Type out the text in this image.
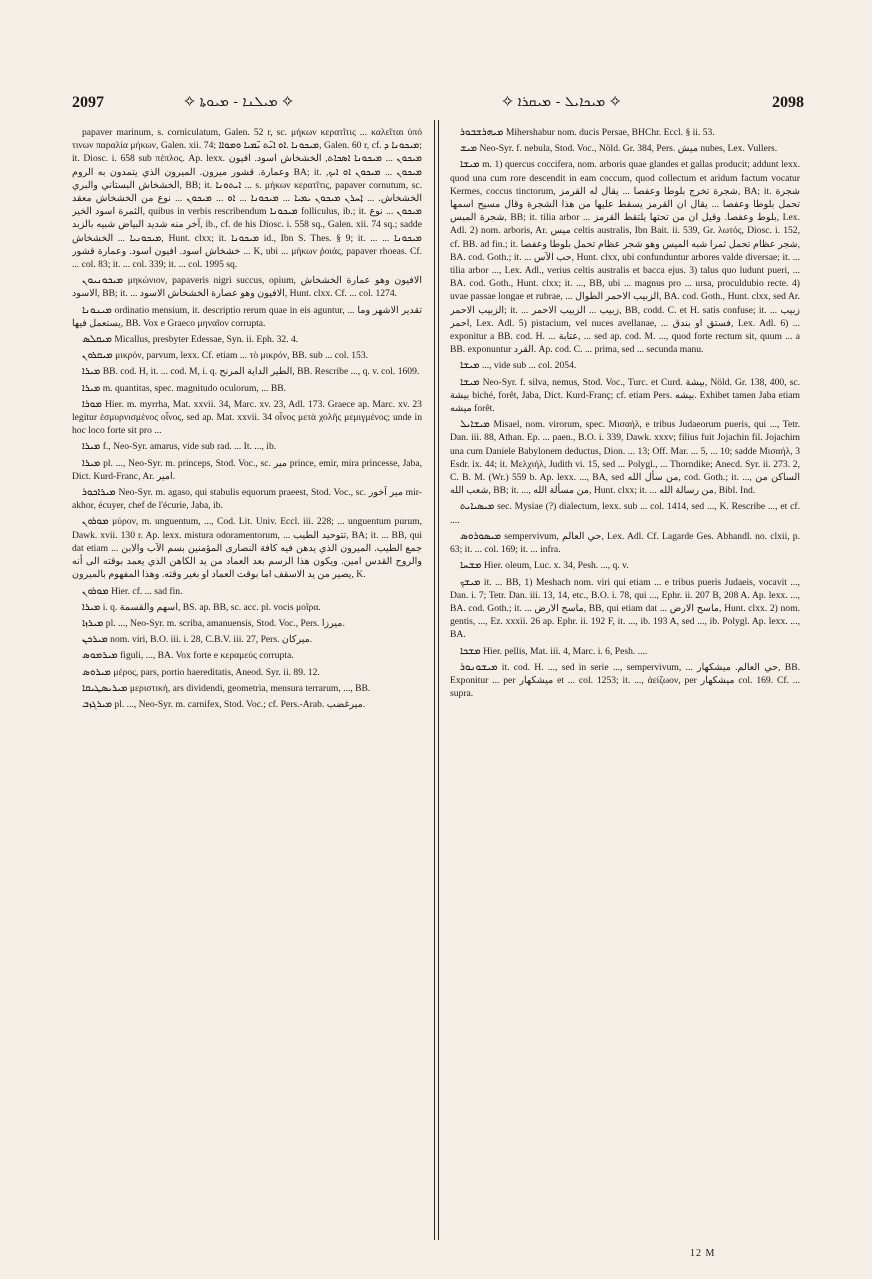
2097	✧ ܡܝܠܢܐ - ܡܝܘܬܐ ✧	✧ ܡܝܟܐܝܠ - ܡܝܩܪܐ ✧	2098

papaver marinum, s. corniculatum, Galen. 52 r, sc. μήκων κερατῖτις ... καλεῖται ὑπό τινων παραλία μήκων, Galen. xii. 74; ܡܝܟܘܢܐ .ܐܘ ܐܝ̈ܬ ܝ̈ܡܝܐ ܘܡܘܐܐ, Galen. 60 r, cf. ܡܝܟܘܢܐ ܕ; it. Diosc. i. 658 sub πέπλος. Ap. lexx. ܡܝܟܘܢ ... ܡܝܟܘܢܐ ܐܣܟܐܬ, الخشخاش اسود. افيون وعمارة. قشور ميرون. الميرون الذي يتمدون به الروم BA; it. ܡܝܟܘܢ ... ܡܝܟܘܢ ܐܘ ܐܝܟ, الخشخاش البستاني والبري, BB; it. ܐܝܬܘܢܐ ... s. μήκων κερατῖτις, papaver cornutum, sc. الخشخاش. ... ܐ̣ܚܪܢ ܡܝܟܘܢ ܝܡܝܐ ... ܡܝܟܘܢܐ ... ܐܘ ... ܡܝܟܘܢ ... نوع من الخشخاش معقد الثمرة اسود الخير, quibus in verbis rescribendum ܡܝܟܘܢܐ folliculus, ib.; it. ܡܝܟܘܢ ... نوع آخر منه شديد البياض شبيه بالزبد, ib., cf. de his Diosc. i. 558 sq., Galen. xii. 74 sq.; sadde ܡܝܟܘܢܝܐ ... الخشخاش, Hunt. clxx; it. ܡܝܟܘܢܐ id., Ibn S. Thes. § 9; it. ... ܡܝܟܘܢܐ ... خشخاش اسود. افيون اسود. وعمارة قشور ... K, ubi ... μήκων ῥοιάς, papaver rhoeas. Cf. ... col. 83; it. ... col. 339; it. ... col. 1995 sq.

ܡܝܟܘܢܝܘܢ μηκώνιον, papaveris nigri succus, opium, الافيون وهو عمارة الخشخاش الاسود, BB; it. ... الافيون وهو عصارة الخشخاش الاسود, Hunt. clxx. Cf. ... col. 1274.

ܡܝܢܘܢܐ ordinatio mensium, it. descriptio rerum quae in eis aguntur, ... تقدير الاشهر وما يستعمل فيها, BB. Vox e Graeco μηναῖον corrupta.

ܡܝܩܠܣ Micallus, presbyter Edessae, Syn. ii. Eph. 32. 4.

ܡܝܩܪܘܢ μικρόν, parvum, lexx. Cf. etiam ... τὸ μικρόν, BB. sub ... col. 153.

ܡܝܪܐ BB. cod. H, it. ... cod. M, i. q. الطير الداية المرنح, BB. Rescribe ..., q. v. col. 1609.

ܡܝܪܐ m. quantitas, spec. magnitudo oculorum, ... BB.

ܡܘܪܐ Hier. m. myrrha, Mat. xxvii. 34, Marc. xv. 23, Adl. 173. Graece ap. Marc. xv. 23 legitur ἐσμυρνισμένος οἶνος, sed ap. Mat. xxvii. 34 οἶνος μετὰ χολῆς μεμιγμένος; unde in hoc loco forte sit pro ...

ܡܝܪܐ f., Neo-Syr. amarus, vide sub rad. ... It. ..., ib.

ܡܝܪܐ pl. ..., Neo-Syr. m. princeps, Stod. Voc., sc. مير prince, emir, mira princesse, Jaba, Dict. Kurd-Franc, Ar. امير.

ܡܝܪܐܟܘܪ Neo-Syr. m. agaso, qui stabulis equorum praeest, Stod. Voc., sc. مير آخور mir-akhor, écuyer, chef de l'écurie, Jaba, ib.

ܡܘܪܘܢ μύρον, m. unguentum, ..., Cod. Lit. Univ. Eccl. iii. 228; ... unguentum purum, Dawk. xvii. 130 r. Ap. lexx. mistura odoramentorum, ... تتوحيد الطيب, BA; it. ... BB, qui dat etiam ... جمع الطيب. الميرون الذي يدهن فيه كافة النصارى المؤمنين بسم الآب والابن والروح القدس امين. ويكون هذا الرسم بعد العماد من يد الكاهن الذي يعمد بوقته الى أنه يصير من يد الاسقف اما بوقت العماد او بغير وقته. وهذا المفهوم بالميرون, K.

ܡܘܪܘܢ Hier. cf. ... sad fin.

ܡܝܪܐ i. q. اسهم والقسمة, BS. ap. BB, sc. acc. pl. vocis μοῖρα.

ܡܝܪܙܐ pl. ..., Neo-Syr. m. scriba, amanuensis, Stod. Voc., Pers. ميرزا.

ܡܝܪܟܢ nom. viri, B.O. iii. i. 28, C.B.V. iii. 27, Pers. ميركان.

ܡܝܪܡܘܣ figuli, ..., BA. Vox forte e κεραμεύς corrupta.

ܡܝܪܘܣ μέρος, pars, portio haereditatis, Aneod. Syr. ii. 89. 12.

ܡܝܪܝܣܛܝܩܐ μεριστική, ars dividendi, geometria, mensura terrarum, ..., BB.

ܡܝܪܓܙܒ pl. ..., Neo-Syr. m. carnifex, Stod. Voc.; cf. Pers.-Arab. ميرغضب.

ܡܝܗܪܫܒܘܪ Mihershabur nom. ducis Persae, BHChr. Eccl. § ii. 53.

ܡܝܫ Neo-Syr. f. nebula, Stod. Voc., Nöld. Gr. 384, Pers. ميش nubes, Lex. Vullers.

ܡܝܫܐ m. 1) quercus coccifera, nom. arboris quae glandes et gallas producit; addunt lexx. quod una cum rore descendit in eam coccum, quod collectum et aridum factum vocatur Kermes, coccus tinctorum, شجرة تخرج بلوطا وعفصا ... يقال له القرمز, BA; it. شجرة تحمل بلوطا وعفصا ... يقال ان القرمز يسقط عليها من هذا الشجرة وقال مسيح اسمها شجرة الميس, BB; it. tilia arbor ... بلوط وعفصا. وقيل ان من تحتها يلتقط القرمز, Lex. Adl. 2) nom. arboris, Ar. ميس celtis australis, Ibn Bait. ii. 539, Gr. λωτός, Diosc. i. 152, cf. BB. ad fin.; it. شجر عظام تحمل ثمرا شبه الميس وهو شجر عظام تحمل بلوطا وعفصا, BA. cod. Goth.; it. ... حب الآس, Hunt. clxx, ubi confunduntur arbores valde diversae; it. ... tilia arbor ..., Lex. Adl., verius celtis australis et bacca ejus. 3) talus quo ludunt pueri, ... BA. cod. Goth., Hunt. clxx; it. ..., BB, ubi ... magnus pro ... ursa, proculdubio recte. 4) uvae passae longae et rubrae, ... الزبيب الاحمر الطوال, BA. cod. Goth., Hunt. clxx, sed Ar. الزبيب الاحمر; it. ... زبيب ... الزبيب الاحمر, BB, codd. C. et H. satis confuse; it. ... زبيب احمر, Lex. Adl. 5) pistacium, vel nuces avellanae, ... فستق او بندق, Lex. Adl. 6) ... exponitur a BB. cod. H. ... عتابة, ... sed ap. cod. M. ..., quod forte rectum sit, quum ... a BB. exponuntur القرد. Ap. cod. C. ... prima, sed ... secunda manu.

ܡܝܫܐ ..., vide sub ... col. 2054.

ܡܝܫܐ Neo-Syr. f. silva, nemus, Stod. Voc., Turc. et Curd. بيشة, Nöld. Gr. 138, 400, sc. بيشة biché, forêt, Jaba, Dict. Kurd-Franç; cf. etiam Pers. بيشه. Exhibet tamen Jaba etiam ميشه forêt.

ܡܝܫܐܝܠ Misael, nom. virorum, spec. Μισαήλ, e tribus Judaeorum pueris, qui ..., Tetr. Dan. iii. 88, Athan. Ep. ... paen., B.O. i. 339, Dawk. xxxv; filius fuit Jojachin fil. Jojachim una cum Daniele Babylonem deductus, Dion. ... 13; Off. Mar. ... 5, ... 10; sadde Μισαήλ, 3 Esdr. ix. 44; it. Μελχιήλ, Judith vi. 15, sed ... Polygl., ... Thorndike; Anecd. Syr. ii. 273. 2, C. B. M. (Wr.) 559 b. Ap. lexx. ..., BA, sed من سأل الله, cod. Goth.; it. ..., الساكن من شعب الله, BB; it. ..., من مسألة الله, Hunt. clxx; it. ... من رسالة الله, Bibl. Ind.

ܡܝܣܝܐܝܬ sec. Mysiae (?) dialectum, lexx. sub ... col. 1414, sed ..., K. Rescribe ..., et cf. ....

ܡܝܣܘܪܘܣ sempervivum, حي العالم, Lex. Adl. Cf. Lagarde Ges. Abhandl. no. clxii, p. 63; it. ... col. 169; it. ... infra.

ܡܫܚܐ Hier. oleum, Luc. x. 34, Pesh. ..., q. v.

ܡܝܫܟ it. ... BB, 1) Meshach nom. viri qui etiam ... e tribus pueris Judaeis, vocavit ..., Dan. i. 7; Tetr. Dan. iii. 13, 14, etc., B.O. i. 78, qui ..., Ephr. ii. 207 B, 208 A. Ap. lexx. ..., BA. cod. Goth.; it. ... ماسح الارض, BB, qui etiam dat ... ماسح الارض, Hunt. clxx. 2) nom. gentis, ..., Ez. xxxii. 26 ap. Ephr. ii. 192 F, it. ..., ib. 193 A, sed ..., ib. Polygl. Ap. lexx. ..., BA.

ܡܫܟܐ Hier. pellis, Mat. iii. 4, Marc. i. 6, Pesh. ....

ܡܝܫܘܢܘܪ it. cod. H. ..., sed in serie ..., sempervivum, ... حي العالم. ميشكهار, BB. Exponitur ... per ميشكهار et ... col. 1253; it. ..., ἀείζωον, per ميشكهار col. 169. Cf. ... supra.

12 M
